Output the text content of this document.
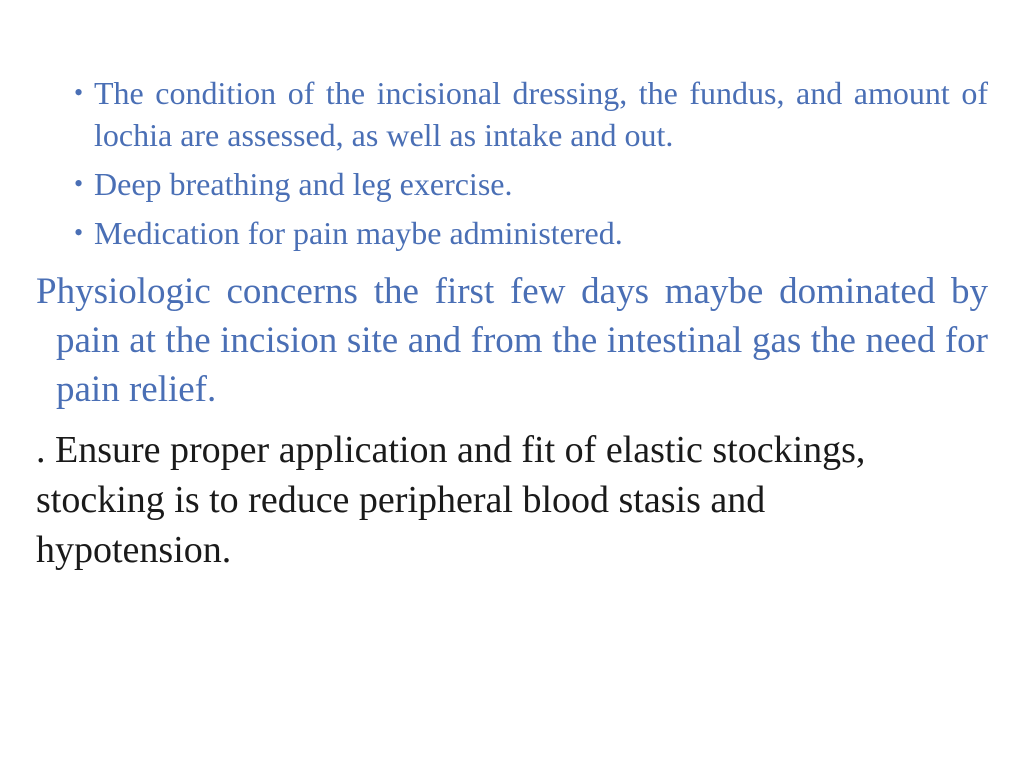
• The condition of the incisional dressing, the fundus, and amount of lochia are assessed, as well as intake and out.
• Deep breathing and leg exercise.
• Medication for pain maybe administered.

Physiologic concerns the first few days maybe dominated by pain at the incision site and from the intestinal gas the need for pain relief.

. Ensure proper application and fit of elastic stockings, stocking is to reduce peripheral blood stasis and hypotension.
